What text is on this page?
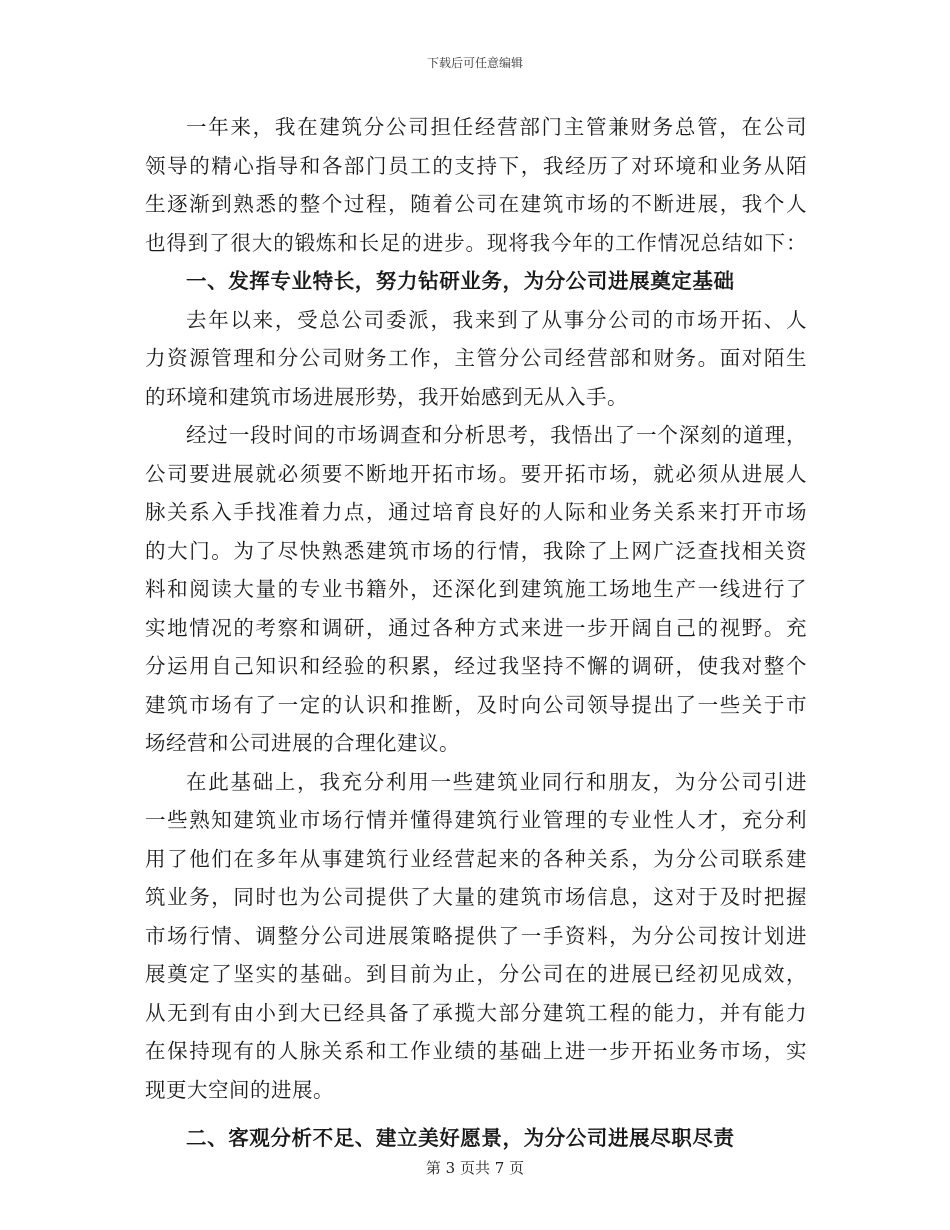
下载后可任意编辑
一年来，我在建筑分公司担任经营部门主管兼财务总管，在公司
领导的精心指导和各部门员工的支持下，我经历了对环境和业务从陌
生逐渐到熟悉的整个过程，随着公司在建筑市场的不断进展，我个人
也得到了很大的锻炼和长足的进步。现将我今年的工作情况总结如下：
一、发挥专业特长，努力钻研业务，为分公司进展奠定基础
去年以来，受总公司委派，我来到了从事分公司的市场开拓、人
力资源管理和分公司财务工作，主管分公司经营部和财务。面对陌生
的环境和建筑市场进展形势，我开始感到无从入手。
经过一段时间的市场调查和分析思考，我悟出了一个深刻的道理，
公司要进展就必须要不断地开拓市场。要开拓市场，就必须从进展人
脉关系入手找准着力点，通过培育良好的人际和业务关系来打开市场
的大门。为了尽快熟悉建筑市场的行情，我除了上网广泛查找相关资
料和阅读大量的专业书籍外，还深化到建筑施工场地生产一线进行了
实地情况的考察和调研，通过各种方式来进一步开阔自己的视野。充
分运用自己知识和经验的积累，经过我坚持不懈的调研，使我对整个
建筑市场有了一定的认识和推断，及时向公司领导提出了一些关于市
场经营和公司进展的合理化建议。
在此基础上，我充分利用一些建筑业同行和朋友，为分公司引进
一些熟知建筑业市场行情并懂得建筑行业管理的专业性人才，充分利
用了他们在多年从事建筑行业经营起来的各种关系，为分公司联系建
筑业务，同时也为公司提供了大量的建筑市场信息，这对于及时把握
市场行情、调整分公司进展策略提供了一手资料，为分公司按计划进
展奠定了坚实的基础。到目前为止，分公司在的进展已经初见成效，
从无到有由小到大已经具备了承揽大部分建筑工程的能力，并有能力
在保持现有的人脉关系和工作业绩的基础上进一步开拓业务市场，实
现更大空间的进展。
二、客观分析不足、建立美好愿景，为分公司进展尽职尽责
第 3 页共 7 页
